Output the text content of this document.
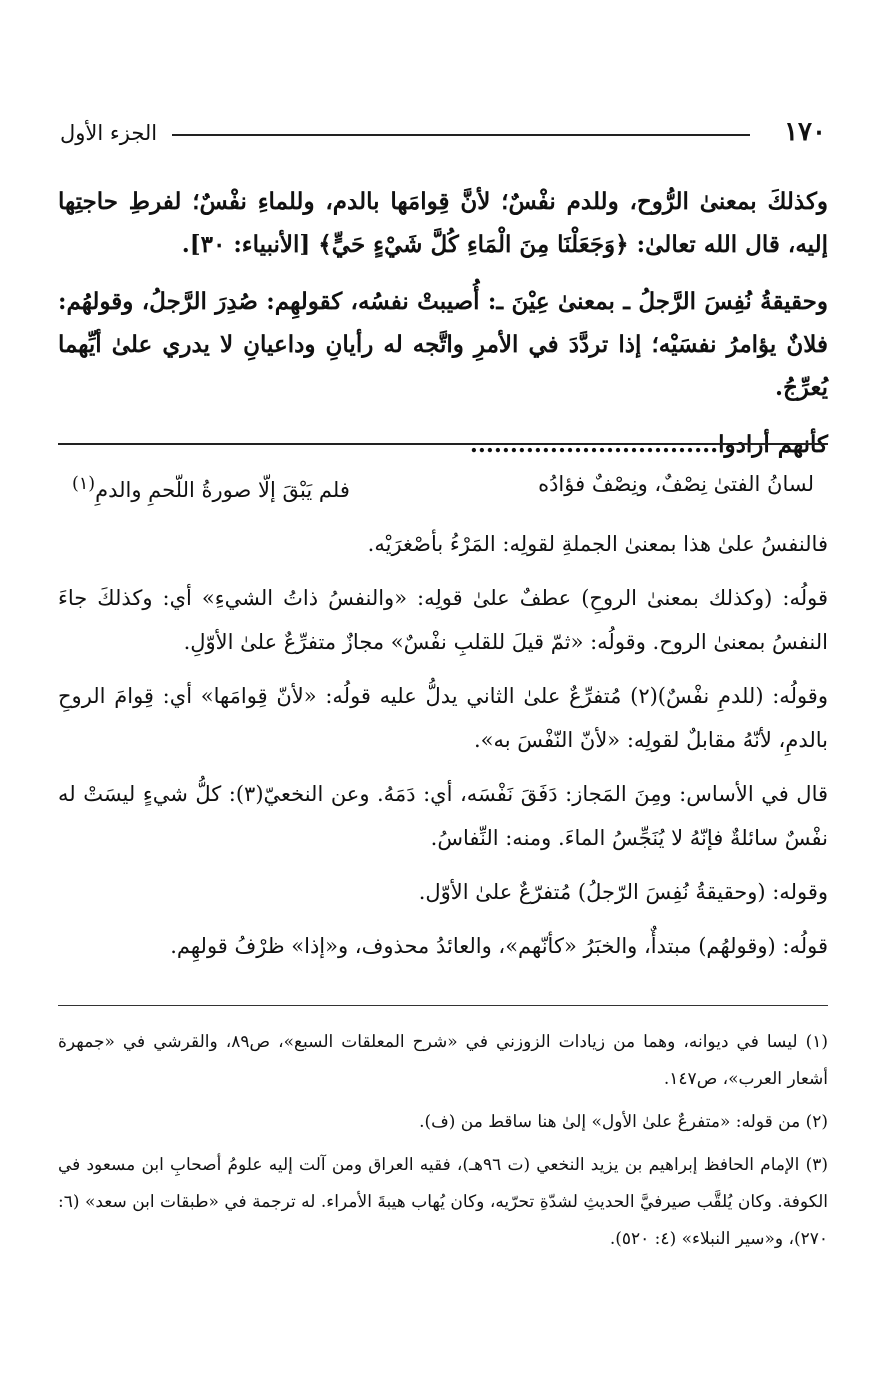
١٧٠
الجزء الأول

وكذلكَ بمعنىٰ الرُّوح، وللدم نفْسٌ؛ لأنَّ قِوامَها بالدم، وللماءِ نفْسٌ؛ لفرطِ حاجتِها إليه، قال الله تعالىٰ: ﴿وَجَعَلْنَا مِنَ الْمَاءِ كُلَّ شَيْءٍ حَيٍّ﴾ [الأنبياء: ٣٠].

وحقيقةُ نُفِسَ الرَّجلُ ـ بمعنىٰ عِيْنَ ـ: أُصيبتْ نفسُه، كقولهِم: صُدِرَ الرَّجلُ، وقولهُم: فلانٌ يؤامرُ نفسَيْه؛ إذا تردَّدَ في الأمرِ واتَّجه له رأيانِ وداعيانِ لا يدري علىٰ أيِّهما يُعرِّجُ.

كأنهم أرادوا...............................

لسانُ الفتىٰ نِصْفٌ، ونِصْفٌ فؤادُه
فلم يَبْقَ إلّا صورةُ اللّحمِ والدمِ$^{(١)}$

فالنفسُ علىٰ هذا بمعنىٰ الجملةِ لقولِه: المَرْءُ بأصْغرَيْه.

قولُه: (وكذلك بمعنىٰ الروحِ) عطفٌ علىٰ قولِه: «والنفسُ ذاتُ الشيءِ» أي: وكذلكَ جاءَ النفسُ بمعنىٰ الروح. وقولُه: «ثمّ قيلَ للقلبِ نفْسٌ» مجازٌ متفرِّعٌ علىٰ الأوّلِ.

وقولُه: (للدمِ نفْسٌ)(٢) مُتفرِّعٌ علىٰ الثاني يدلُّ عليه قولُه: «لأنّ قِوامَها» أي: قِوامَ الروحِ بالدمِ، لأنّهُ مقابلٌ لقولِه: «لأنّ النّفْسَ به».

قال في الأساس: ومِنَ المَجاز: دَفَقَ نَفْسَه، أي: دَمَهُ. وعن النخعيّ(٣): كلُّ شيءٍ ليسَتْ له نفْسٌ سائلةٌ فإنّهُ لا يُنَجِّسُ الماءَ. ومنه: النِّفاسُ.

وقوله: (وحقيقةُ نُفِسَ الرّجلُ) مُتفرّعٌ علىٰ الأوّل.

قولُه: (وقولهُم) مبتدأٌ، والخبَرُ «كأنّهم»، والعائدُ محذوف، و«إذا» ظرْفُ قولهِم.

(١) ليسا في ديوانه، وهما من زيادات الزوزني في «شرح المعلقات السبع»، ص٨٩، والقرشي في «جمهرة أشعار العرب»، ص١٤٧.

(٢) من قوله: «متفرعٌ علىٰ الأول» إلىٰ هنا ساقط من (ف).

(٣) الإمام الحافظ إبراهيم بن يزيد النخعي (ت ٩٦هـ)، فقيه العراق ومن آلت إليه علومُ أصحابِ ابن مسعود في الكوفة. وكان يُلقَّب صيرفيَّ الحديثِ لشدّةِ تحرّيه، وكان يُهاب هيبةَ الأمراء. له ترجمة في «طبقات ابن سعد» (٦: ٢٧٠)، و«سير النبلاء» (٤: ٥٢٠).
